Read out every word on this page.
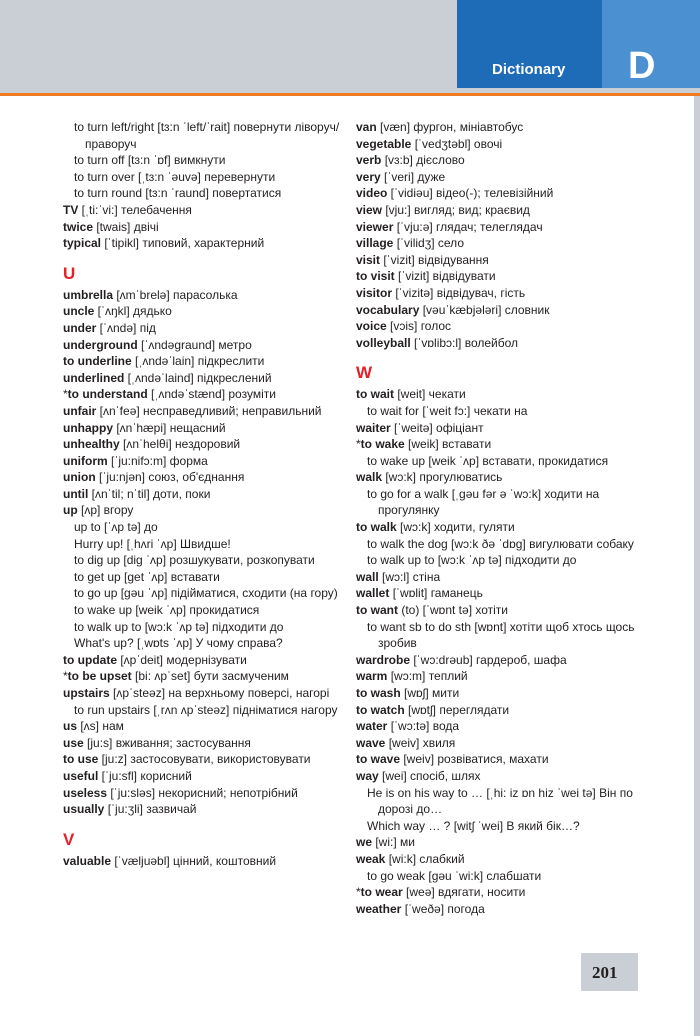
Dictionary D

to turn left/right [tɜ:n ˈleft/ˈrait] повернути ліворуч/праворуч

to turn off [tɜ:n ˈɒf] вимкнути

to turn over [ˌtɜ:n ˈəuvə] перевернути

to turn round [tɜ:n ˈraund] повертатися

TV [ˌti:ˈvi:] телебачення

twice [twais] двічі

typical [ˈtipikl] типовий, характерний

U

umbrella [ʌmˈbrelə] парасолька

uncle [ˈʌŋkl] дядько

under [ˈʌndə] під

underground [ˈʌndəgraund] метро

to underline [ˌʌndəˈlain] підкреслити

underlined [ˌʌndəˈlaind] підкреслений

*to understand [ˌʌndəˈstænd] розуміти

unfair [ʌnˈfeə] несправедливий; неправильний

unhappy [ʌnˈhæpi] нещасний

unhealthy [ʌnˈhelθi] нездоровий

uniform [ˈju:nifɔ:m] форма

union [ˈju:njən] союз, об'єднання

until [ʌnˈtil; nˈtil] доти, поки

up [ʌp] вгору

up to [ˈʌp tə] до

Hurry up! [ˌhʌri ˈʌp] Швидше!

to dig up [dig ˈʌp] розшукувати, розкопувати

to get up [get ˈʌp] вставати

to go up [gəu ˈʌp] підійматися, сходити (на гору)

to wake up [weik ˈʌp] прокидатися

to walk up to [wɔ:k ˈʌp tə] підходити до

What's up? [ˌwɒts ˈʌp] У чому справа?

to update [ʌpˈdeit] модернізувати

*to be upset [bi: ʌpˈset] бути засмученим

upstairs [ʌpˈsteəz] на верхньому поверсі, нагорі

to run upstairs [ˌrʌn ʌpˈsteəz] підніматися нагору

us [ʌs] нам

use [ju:s] вживання; застосування

to use [ju:z] застосовувати, використовувати

useful [ˈju:sfl] корисний

useless [ˈju:sləs] некорисний; непотрібний

usually [ˈju:ʒli] зазвичай

V

valuable [ˈvæljuəbl] цінний, коштовний

van [væn] фургон, мініавтобус

vegetable [ˈvedʒtəbl] овочі

verb [vɜ:b] дієслово

very [ˈveri] дуже

video [ˈvidiəu] відео(-); телевізійний

view [vju:] вигляд; вид; краєвид

viewer [ˈvju:ə] глядач; телеглядач

village [ˈvilidʒ] село

visit [ˈvizit] відвідування

to visit [ˈvizit] відвідувати

visitor [ˈvizitə] відвідувач, гість

vocabulary [vəuˈkæbjələri] словник

voice [vɔis] голос

volleyball [ˈvɒlibɔ:l] волейбол

W

to wait [weit] чекати

to wait for [ˈweit fɔ:] чекати на

waiter [ˈweitə] офіціант

*to wake [weik] вставати

to wake up [weik ˈʌp] вставати, прокидатися

walk [wɔ:k] прогулюватись

to go for a walk [ˌgəu fər ə ˈwɔ:k] ходити на прогулянку

to walk [wɔ:k] ходити, гуляти

to walk the dog [wɔ:k ðə ˈdɒg] вигулювати собаку

to walk up to [wɔ:k ˈʌp tə] підходити до

wall [wɔ:l] стіна

wallet [ˈwɒlit] гаманець

to want (to) [ˈwɒnt tə] хотіти

to want sb to do sth [wɒnt] хотіти щоб хтось щось зробив

wardrobe [ˈwɔ:drəub] гардероб, шафа

warm [wɔ:m] теплий

to wash [wɒʃ] мити

to watch [wɒtʃ] переглядати

water [ˈwɔ:tə] вода

wave [weiv] хвиля

to wave [weiv] розвіватися, махати

way [wei] спосіб, шлях

He is on his way to … [ˌhi: iz ɒn hiz ˈwei tə] Він по дорозі до…

Which way … ? [witʃ ˈwei] В який бік…?

we [wi:] ми

weak [wi:k] слабкий

to go weak [gəu ˈwi:k] слабшати

*to wear [weə] вдягати, носити

weather [ˈweðə] погода

201
